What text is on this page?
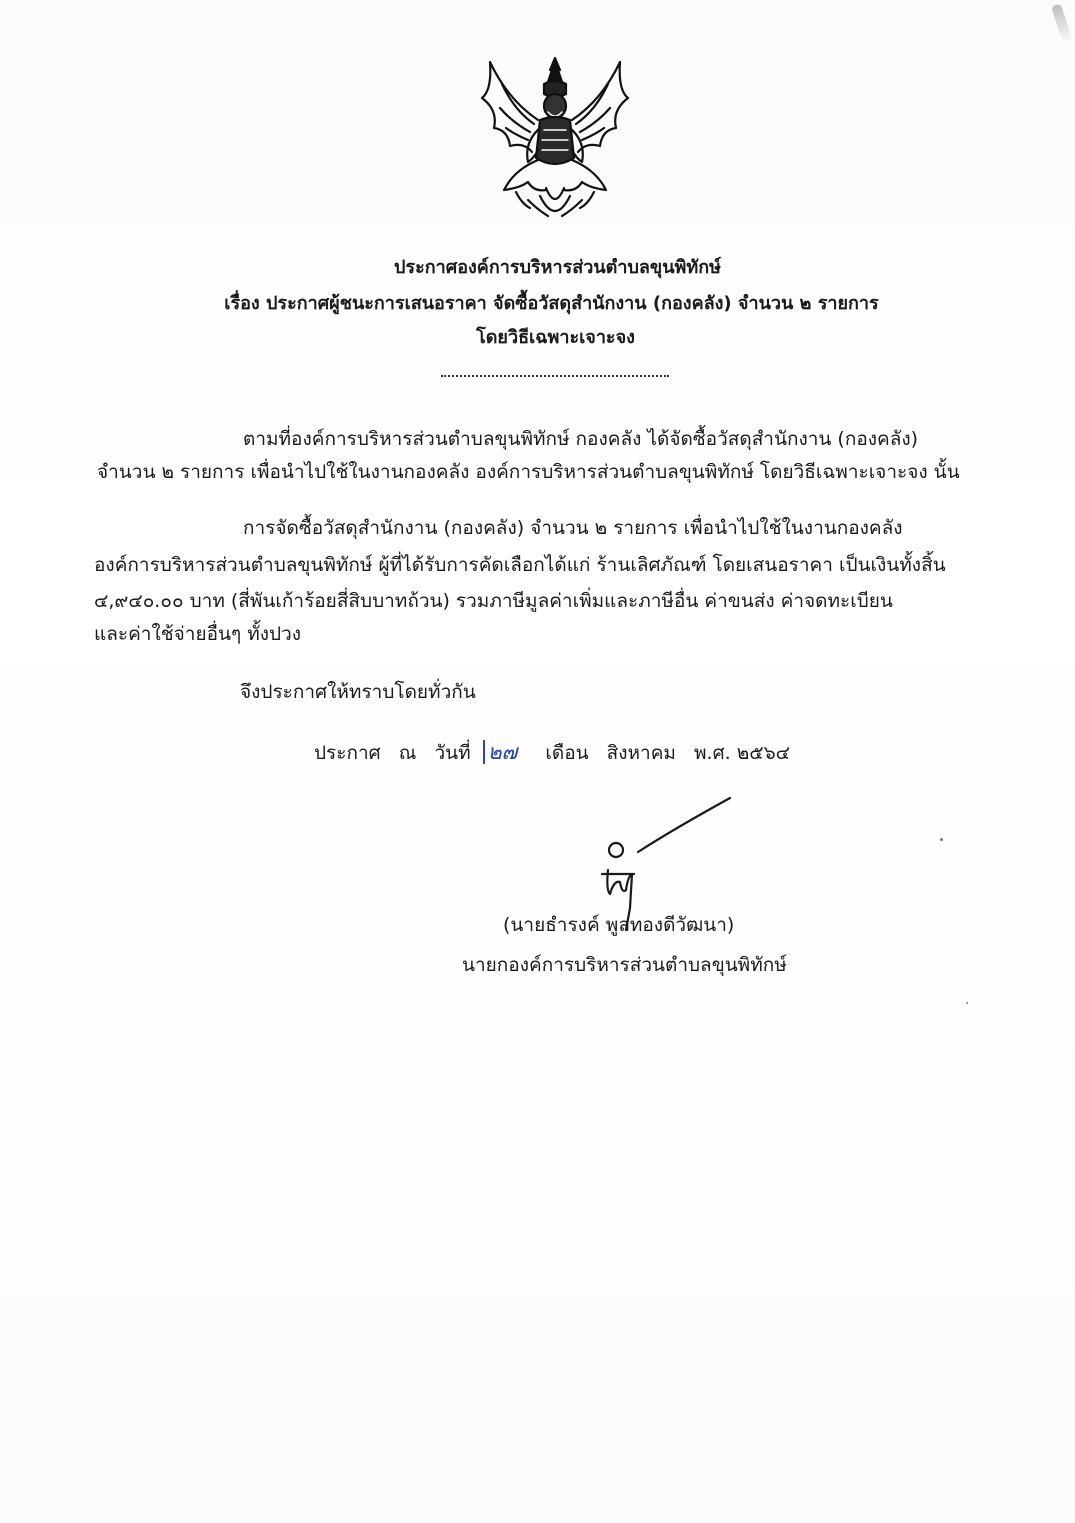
ประกาศองค์การบริหารส่วนตำบลขุนพิทักษ์
เรื่อง ประกาศผู้ชนะการเสนอราคา จัดซื้อวัสดุสำนักงาน (กองคลัง) จำนวน ๒ รายการ
โดยวิธีเฉพาะเจาะจง
ตามที่องค์การบริหารส่วนตำบลขุนพิทักษ์ กองคลัง ได้จัดซื้อวัสดุสำนักงาน (กองคลัง)
จำนวน ๒ รายการ เพื่อนำไปใช้ในงานกองคลัง องค์การบริหารส่วนตำบลขุนพิทักษ์ โดยวิธีเฉพาะเจาะจง นั้น
การจัดซื้อวัสดุสำนักงาน (กองคลัง) จำนวน ๒ รายการ เพื่อนำไปใช้ในงานกองคลัง
องค์การบริหารส่วนตำบลขุนพิทักษ์ ผู้ที่ได้รับการคัดเลือกได้แก่ ร้านเลิศภัณฑ์ โดยเสนอราคา เป็นเงินทั้งสิ้น
๔,๙๔๐.๐๐ บาท (สี่พันเก้าร้อยสี่สิบบาทถ้วน) รวมภาษีมูลค่าเพิ่มและภาษีอื่น ค่าขนส่ง ค่าจดทะเบียน
และค่าใช้จ่ายอื่นๆ ทั้งปวง
จึงประกาศให้ทราบโดยทั่วกัน
ประกาศ ณ วันที่ ๒๗ เดือน สิงหาคม พ.ศ. ๒๕๖๔
(นายธำรงค์ พูลทองดีวัฒนา)
นายกองค์การบริหารส่วนตำบลขุนพิทักษ์
